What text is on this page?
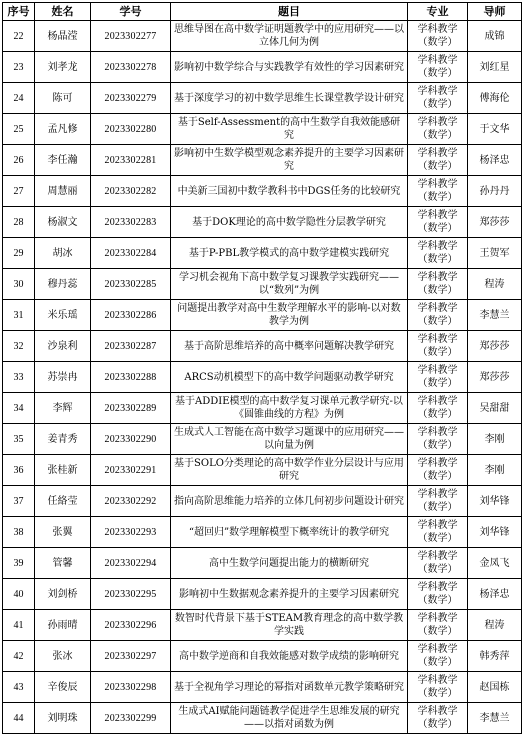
序号	姓名	学号	题目	专业	导师
22	杨晶滢	2023302277	思维导图在高中数学证明题教学中的应用研究——以立体几何为例	学科教学（数学）	成锦
23	刘孝龙	2023302278	影响初中数学综合与实践教学有效性的学习因素研究	学科教学（数学）	刘红星
24	陈可	2023302279	基于深度学习的初中数学思维生长课堂教学设计研究	学科教学（数学）	傅海伦
25	孟凡修	2023302280	基于Self-Assessment的高中生数学自我效能感研究	学科教学（数学）	于文华
26	李任瀚	2023302281	影响初中生数学模型观念素养提升的主要学习因素研究	学科教学（数学）	杨泽忠
27	周慧丽	2023302282	中美新三国初中数学教科书中DGS任务的比较研究	学科教学（数学）	孙丹丹
28	杨淑文	2023302283	基于DOK理论的高中数学隐性分层教学研究	学科教学（数学）	郑莎莎
29	胡冰	2023302284	基于P-PBL教学模式的高中数学建模实践研究	学科教学（数学）	王贺军
30	穆丹蕊	2023302285	学习机会视角下高中数学复习课教学实践研究——以“数列”为例	学科教学（数学）	程涛
31	米乐瑶	2023302286	问题提出教学对高中生数学理解水平的影响-以对数教学为例	学科教学（数学）	李慧兰
32	沙泉利	2023302287	基于高阶思维培养的高中概率问题解决教学研究	学科教学（数学）	郑莎莎
33	苏崇冉	2023302288	ARCS动机模型下的高中数学问题驱动教学研究	学科教学（数学）	郑莎莎
34	李辉	2023302289	基于ADDIE模型的高中数学复习课单元教学研究-以《圆锥曲线的方程》为例	学科教学（数学）	吴甜甜
35	姜青秀	2023302290	生成式人工智能在高中数学习题课中的应用研究——以向量为例	学科教学（数学）	李刚
36	张桂新	2023302291	基于SOLO分类理论的高中数学作业分层设计与应用研究	学科教学（数学）	李刚
37	任絡莹	2023302292	指向高阶思维能力培养的立体几何初步问题设计研究	学科教学（数学）	刘华锋
38	张翼	2023302293	“超回归”数学理解模型下概率统计的教学研究	学科教学（数学）	刘华锋
39	管馨	2023302294	高中生数学问题提出能力的横断研究	学科教学（数学）	金凤飞
40	刘剑桥	2023302295	影响初中生数据观念素养提升的主要学习因素研究	学科教学（数学）	杨泽忠
41	孙雨晴	2023302296	数智时代背景下基于STEAM教育理念的高中数学教学实践	学科教学（数学）	程涛
42	张冰	2023302297	高中数学逆商和自我效能感对数学成绩的影响研究	学科教学（数学）	韩秀萍
43	辛俊辰	2023302298	基于全视角学习理论的幂指对函数单元教学策略研究	学科教学（数学）	赵国栋
44	刘明珠	2023302299	生成式AI赋能问题链教学促进学生思维发展的研究——以指对函数为例	学科教学（数学）	李慧兰
